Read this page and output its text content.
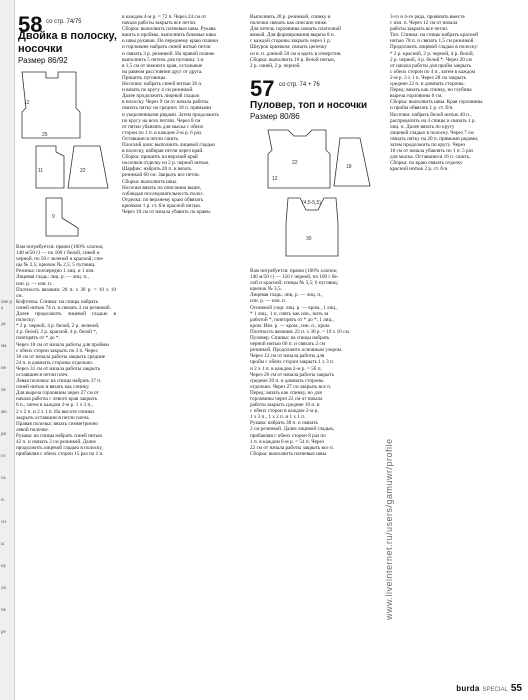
обе ра
де
ма
ие
ле
мо
ри
ос
са
н.
си
ы
ну
ла
пе
ре
58 со стр. 74/75
Двойка в полоску,
носочки
Размер 86/92
12
25
11	22
9
Вам потребуется: пряжи (100% хлопок;
140 м/50 г) — по 100 г белой, синей и
черной, по 50 г зеленой и красной; спи-
цы № 2,5; крючок № 2,5; 5 пуговиц.
Резинка: поочередно 1 лиц. и 1 изн.
Лицевая гладь: лиц. р. — лиц. п.,
изн. р. — изн. п.
Плотность вязания: 28 п. х 38 р. = 10 х 10 см.
Кофточка. Спинка: на спицы набрать
синей нитью 74 п. и связать 3 см резинкой.
Далее продолжить лицевой гладью в полоску:
* 2 р. черной, 4 р. белой, 2 р. зеленой,
4 р. белой, 2 р. красной, 4 р. белой *,
повторять от * до *.
Через 18 см от начала работы для проймы
с обеих сторон закрыть по 3 п. Через
30 см от начала работы закрыть средние
24 п. и довязать стороны отдельно.
Через 31 см от начала работы закрыть
оставшиеся петли плеч.
Левая полочка: на спицы набрать 37 п.
синей нитью и вязать как спинку.
Для выреза горловины через 27 см от
начала работы с левого края закрыть
6 п., затем в каждом 2-м р. 1 х 3 п.,
2 х 2 п. и 2 х 1 п. На высоте спинки
закрыть оставшиеся петли плеча.
Правая полочка: вязать симметрично
левой полочке.
Рукава: на спицы набрать синей нитью
42 п. и связать 3 см резинкой. Далее
продолжить лицевой гладью в полоску,
прибавляя с обеих сторон 15 раз по 1 п.
в каждом 4-м р. = 72 п. Через 24 см от
начала работы закрыть все петли.
Сборка: выполнить плечевые швы. Рукава
вшить в проймы, выполнить боковые швы
и швы рукавов. По переднему краю планки
и горловине набрать синей нитью петли
и связать 3 р. резинкой. На правой планке
выполнить 5 петель для пуговиц: 1-я
в 1,5 см от нижнего края, остальные
на равном расстоянии друг от друга.
Пришить пуговицы.
Носочки: набрать синей нитью 36 п.
и вязать по кругу 4 см резинкой.
Далее продолжить лицевой гладью
в полоску. Через 9 см от начала работы
связать пятку на средних 18 п. прямыми
и укороченными рядами. Затем продолжить
по кругу на всех петлях. Через 8 см
от пятки убавлять для мыска с обеих
сторон по 1 п. в каждом 2-м р. 6 раз.
Оставшиеся петли сшить.
Плоский шов: выполнить лицевой гладью
в полоску, набирая петли через край.
Сборка: пришить на верхний край
носочков отделку из 2 р. черной нитью.
Шарфик: набрать 20 п. и вязать
резинкой 60 см. Закрыть все петли.
Сборка: выполнить швы.
Носочки вязать по описанию выше,
соблюдая последовательность полос.
Отделка: по верхнему краю обвязать
крючком 1 р. ст. б/н красной нитью.
Через 10 см от начала убавить по краям.
Выполнить 20 р. резинкой, спинку и
полочки связать как описано ниже.
Для петель горловины связать платочной
вязкой. Для формирования выреза 8 п.
с каждой стороны закрыть через 1 р.
Шнурок крючком: связать цепочку
из в. п. длиной 50 см и вдеть в отверстия.
Сборка: выполнить 10 р. белой нитью,
2 р. синей, 2 р. черной.
57 со стр. 74 + 76
Пуловер, топ и носочки
Размер 80/86
22
12
18
(4,5-5,5)
30
Вам потребуется: пряжи (100% хлопок;
140 м/50 г) — 150 г черной, по 100 г бе-
лой и красной; спицы № 3,5; 6 пуговиц;
крючок № 3,5.
Лицевая гладь: лиц. р. — лиц. п.,
изн. р. — изн. п.
Основной узор: лиц. р. — кром., 1 лиц.,
* 1 лиц., 1 п. снять как изн., нить за
работой *, повторять от * до *, 1 лиц.,
кром. Изн. р. — кром., изн. п., кром.
Плотность вязания: 22 п. х 30 р. = 10 х 10 см.
Пуловер. Спинка: на спицы набрать
черной нитью 66 п. и связать 2 см
резинкой. Продолжить основным узором.
Через 12 см от начала работы для
пройм с обеих сторон закрыть 1 х 3 п.
и 2 х 1 п. в каждом 2-м р. = 56 п.
Через 26 см от начала работы закрыть
средние 20 п. и довязать стороны
отдельно. Через 27 см закрыть все п.
Перед: вязать как спинку, но для
горловины через 22 см от начала
работы закрыть средние 10 п. и
с обеих сторон в каждом 2-м р.
1 х 3 п., 1 х 2 п. и 1 х 1 п.
Рукава: набрать 38 п. и связать
2 см резинкой. Далее лицевой гладью,
прибавляя с обеих сторон 8 раз по
1 п. в каждом 6-м р. = 54 п. Через
22 см от начала работы закрыть все п.
Сборка: выполнить плечевые швы.
3-го и 4-го ряда, провязать вместе
с изн. п. Через 12 см от начала
работы закрыть все петли.
Топ. Спинка: на спицы набрать красной
нитью 78 п. и связать 1,5 см резинкой.
Продолжить лицевой гладью в полоску:
* 2 р. красной, 2 р. черной, 4 р. белой,
2 р. черной, 4 р. белой *. Через 20 см
от начала работы для пройм закрыть
с обеих сторон по 4 п., затем в каждом
2-м р. 3 х 1 п. Через 28 см закрыть
средние 22 п. и довязать стороны.
Перед: вязать как спинку, но глубина
выреза горловины 6 см.
Сборка: выполнить швы. Края горловины
и пройм обвязать 1 р. ст. б/н.
Носочки: набрать белой нитью 40 п.,
распределить на 4 спицы и связать 1 р.
лиц. п. Далее вязать по кругу
лицевой гладью в полоску. Через 7 см
связать пятку на 20 п. прямыми рядами,
затем продолжить по кругу. Через
10 см от начала убавлять по 1 п. 5 раз
для мыска. Оставшиеся 16 п. сшить.
Сборка: по краю связать отделку
красной нитью 2 р. ст. б/н.
www.liveinternet.ru/users/gamuwr/profile
burda SPECIAL 55
